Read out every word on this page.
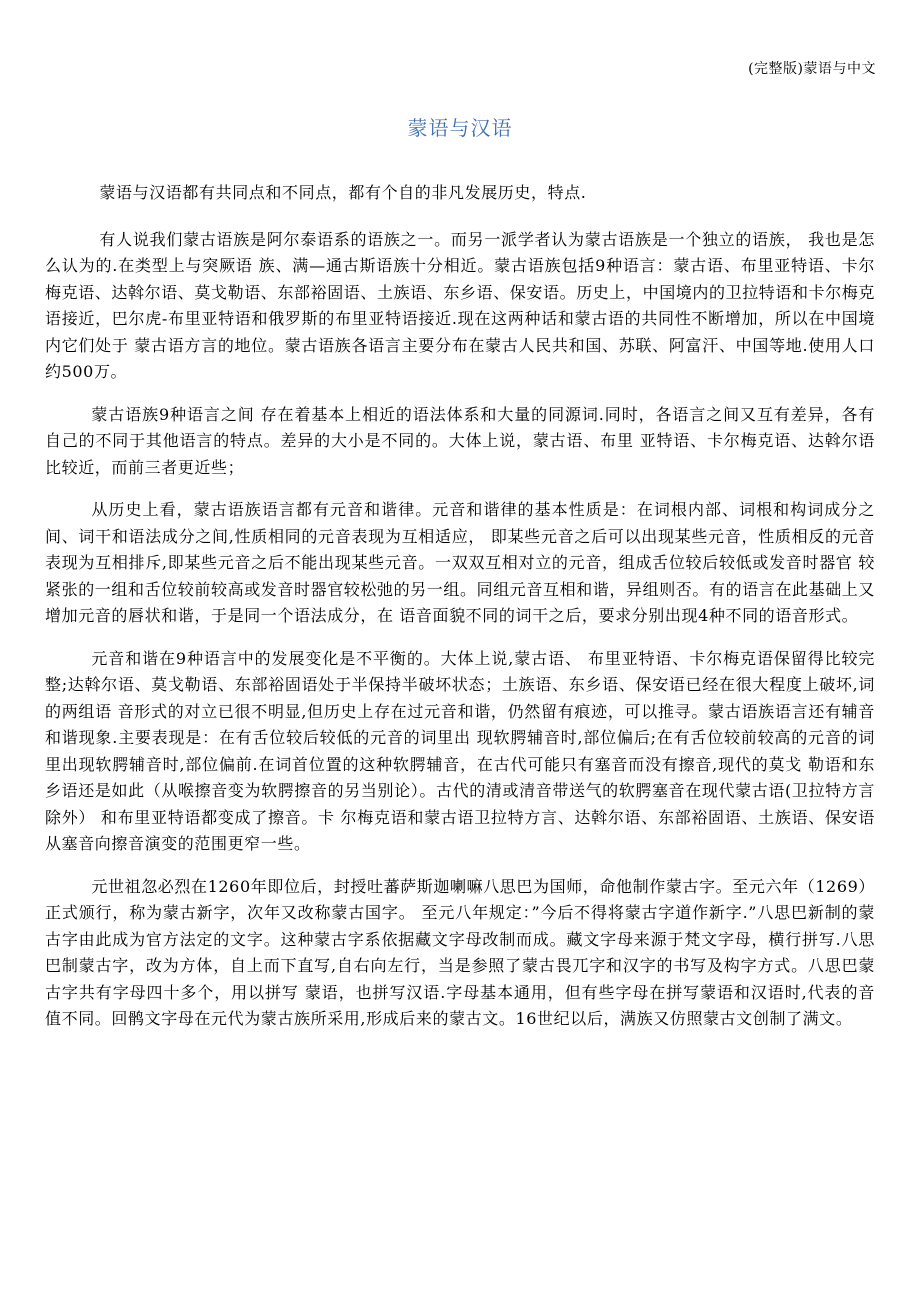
(完整版)蒙语与中文
蒙语与汉语

蒙语与汉语都有共同点和不同点，都有个自的非凡发展历史，特点.

有人说我们蒙古语族是阿尔泰语系的语族之一。而另一派学者认为蒙古语族是一个独立的语族， 我也是怎么认为的.在类型上与突厥语 族、满—通古斯语族十分相近。蒙古语族包括9种语言：蒙古语、布里亚特语、卡尔梅克语、达斡尔语、莫戈勒语、东部裕固语、土族语、东乡语、保安语。历史上，中国境内的卫拉特语和卡尔梅克语接近，巴尔虎-布里亚特语和俄罗斯的布里亚特语接近.现在这两种话和蒙古语的共同性不断增加，所以在中国境内它们处于 蒙古语方言的地位。蒙古语族各语言主要分布在蒙古人民共和国、苏联、阿富汗、中国等地.使用人口约500万。

蒙古语族9种语言之间 存在着基本上相近的语法体系和大量的同源词.同时，各语言之间又互有差异，各有自己的不同于其他语言的特点。差异的大小是不同的。大体上说，蒙古语、布里 亚特语、卡尔梅克语、达斡尔语比较近，而前三者更近些；

从历史上看，蒙古语族语言都有元音和谐律。元音和谐律的基本性质是：在词根内部、词根和构词成分之间、词干和语法成分之间,性质相同的元音表现为互相适应， 即某些元音之后可以出现某些元音，性质相反的元音表现为互相排斥,即某些元音之后不能出现某些元音。一双双互相对立的元音，组成舌位较后较低或发音时器官 较紧张的一组和舌位较前较高或发音时器官较松弛的另一组。同组元音互相和谐，异组则否。有的语言在此基础上又增加元音的唇状和谐，于是同一个语法成分，在 语音面貌不同的词干之后，要求分别出现4种不同的语音形式。

元音和谐在9种语言中的发展变化是不平衡的。大体上说,蒙古语、 布里亚特语、卡尔梅克语保留得比较完整;达斡尔语、莫戈勒语、东部裕固语处于半保持半破坏状态；土族语、东乡语、保安语已经在很大程度上破坏,词的两组语 音形式的对立已很不明显,但历史上存在过元音和谐，仍然留有痕迹，可以推寻。蒙古语族语言还有辅音和谐现象.主要表现是：在有舌位较后较低的元音的词里出 现软腭辅音时,部位偏后;在有舌位较前较高的元音的词里出现软腭辅音时,部位偏前.在词首位置的这种软腭辅音，在古代可能只有塞音而没有擦音,现代的莫戈 勒语和东乡语还是如此（从喉擦音变为软腭擦音的另当别论）。古代的清或清音带送气的软腭塞音在现代蒙古语(卫拉特方言除外） 和布里亚特语都变成了擦音。卡 尔梅克语和蒙古语卫拉特方言、达斡尔语、东部裕固语、土族语、保安语从塞音向擦音演变的范围更窄一些。

元世祖忽必烈在1260年即位后，封授吐蕃萨斯迦喇嘛八思巴为国师，命他制作蒙古字。至元六年（1269） 正式颁行，称为蒙古新字，次年又改称蒙古国字。 至元八年规定：”今后不得将蒙古字道作新字.”八思巴新制的蒙古字由此成为官方法定的文字。这种蒙古字系依据藏文字母改制而成。藏文字母来源于梵文字母，横行拼写.八思巴制蒙古字，改为方体，自上而下直写,自右向左行，当是参照了蒙古畏兀字和汉字的书写及构字方式。八思巴蒙古字共有字母四十多个，用以拼写 蒙语，也拼写汉语.字母基本通用，但有些字母在拼写蒙语和汉语时,代表的音值不同。回鹘文字母在元代为蒙古族所采用,形成后来的蒙古文。16世纪以后，满族又仿照蒙古文创制了满文。
